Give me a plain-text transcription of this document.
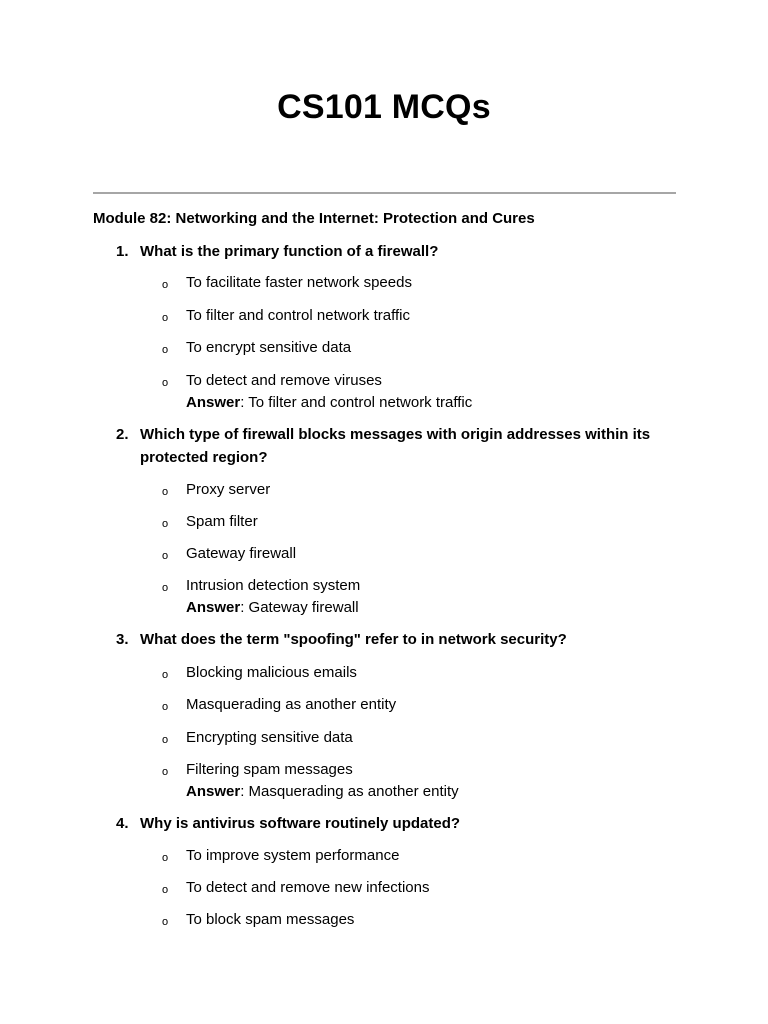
CS101 MCQs
Module 82: Networking and the Internet: Protection and Cures
1. What is the primary function of a firewall?
o To facilitate faster network speeds
o To filter and control network traffic
o To encrypt sensitive data
o To detect and remove viruses
Answer: To filter and control network traffic
2. Which type of firewall blocks messages with origin addresses within its protected region?
o Proxy server
o Spam filter
o Gateway firewall
o Intrusion detection system
Answer: Gateway firewall
3. What does the term "spoofing" refer to in network security?
o Blocking malicious emails
o Masquerading as another entity
o Encrypting sensitive data
o Filtering spam messages
Answer: Masquerading as another entity
4. Why is antivirus software routinely updated?
o To improve system performance
o To detect and remove new infections
o To block spam messages
